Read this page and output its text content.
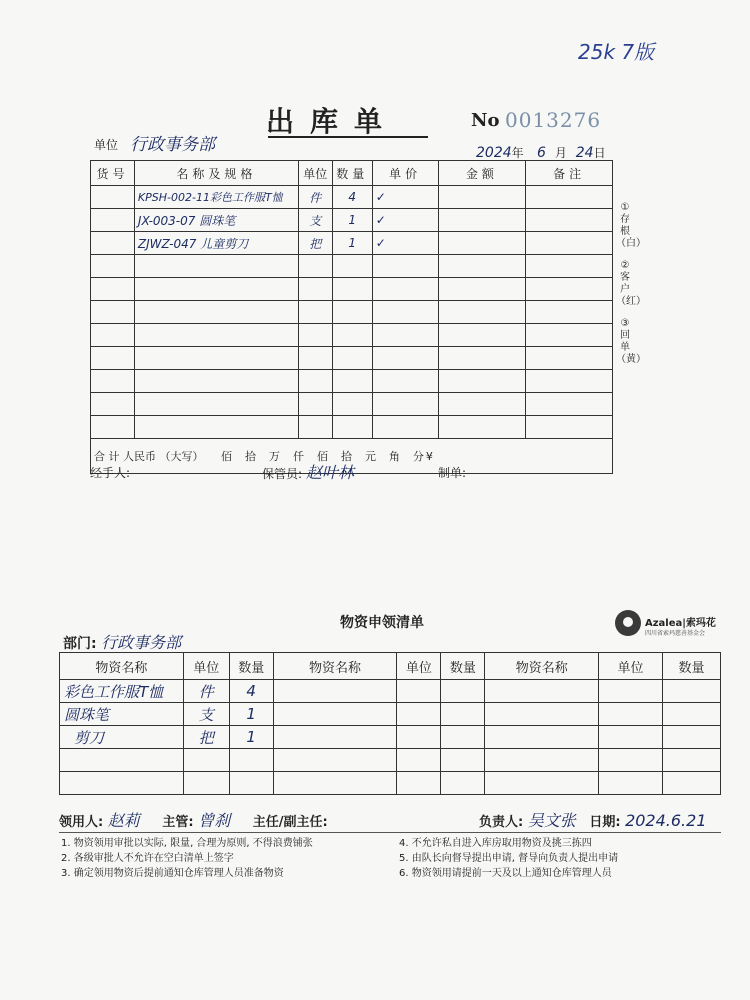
25k 7版
出库单	No 0013276
单位 行政事务部	2024年 6 月 24日
货号	名称及规格	单位	数量	单价	金额	备注
	KPSH-002-11彩色工作服T恤	件	4	✓		
	JX-003-07 圆珠笔	支	1	✓		
	ZJWZ-047 儿童剪刀	把	1	✓		

合 计 人民币 （大写） 佰  拾  万  仟  佰  拾  元  角  分¥						
①存根（白）
②客户（红）
③回单（黄）
经手人:	保管员: 赵叶林	制单:
物资申领清单	Azalea|索玛花
四川省索玛慈善基金会
部门: 行政事务部
物资名称	单位	数量	物资名称	单位	数量	物资名称	单位	数量
彩色工作服T恤	件	4						
圆珠笔	支	1						
剪刀	把	1						

领用人: 赵莉 主管: 曾刹 主任/副主任:	负责人: 吴文张 日期: 2024.6.21
1. 物资领用审批以实际, 限量, 合理为原则, 不得浪费铺张
2. 各级审批人不允许在空白清单上签字
3. 确定领用物资后提前通知仓库管理人员准备物资
4. 不允许私自进入库房取用物资及挑三拣四
5. 由队长向督导提出申请, 督导向负责人提出申请
6. 物资领用请提前一天及以上通知仓库管理人员
